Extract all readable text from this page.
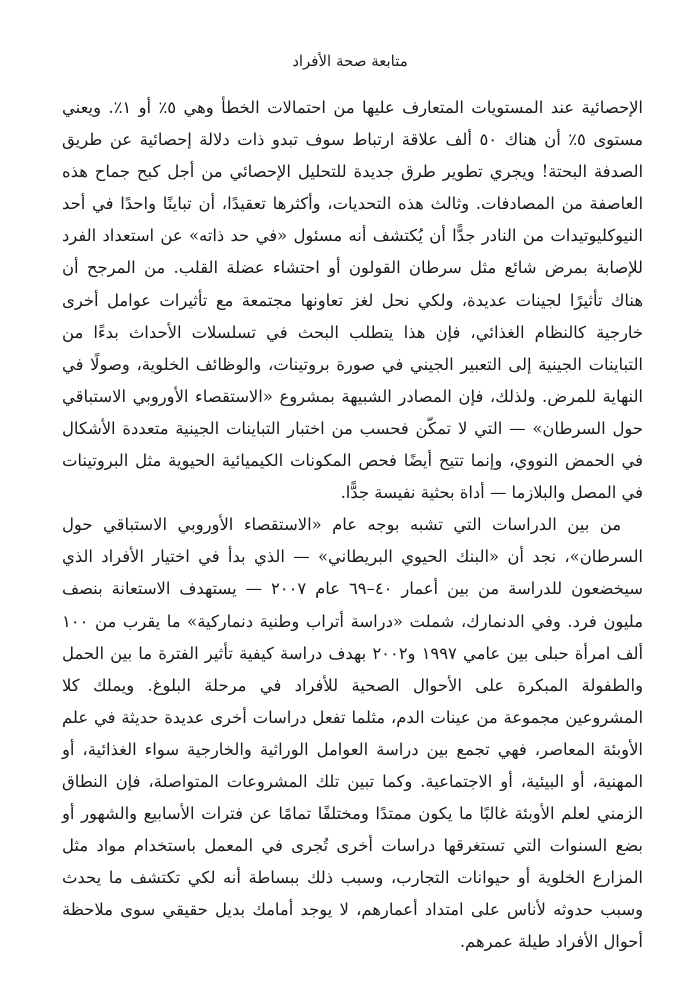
متابعة صحة الأفراد

الإحصائية عند المستويات المتعارف عليها من احتمالات الخطأ وهي ٥٪ أو ١٪. ويعني مستوى ٥٪ أن هناك ٥٠ ألف علاقة ارتباط سوف تبدو ذات دلالة إحصائية عن طريق الصدفة البحتة! ويجري تطوير طرق جديدة للتحليل الإحصائي من أجل كبح جماح هذه العاصفة من المصادفات. وثالث هذه التحديات، وأكثرها تعقيدًا، أن تباينًا واحدًا في أحد النيوكليوتيدات من النادر جدًّا أن يُكتشف أنه مسئول «في حد ذاته» عن استعداد الفرد للإصابة بمرض شائع مثل سرطان القولون أو احتشاء عضلة القلب. من المرجح أن هناك تأثيرًا لجينات عديدة، ولكي نحل لغز تعاونها مجتمعة مع تأثيرات عوامل أخرى خارجية كالنظام الغذائي، فإن هذا يتطلب البحث في تسلسلات الأحداث بدءًا من التباينات الجينية إلى التعبير الجيني في صورة بروتينات، والوظائف الخلوية، وصولًا في النهاية للمرض. ولذلك، فإن المصادر الشبيهة بمشروع «الاستقصاء الأوروبي الاستباقي حول السرطان» — التي لا تمكّن فحسب من اختبار التباينات الجينية متعددة الأشكال في الحمض النووي، وإنما تتيح أيضًا فحص المكونات الكيميائية الحيوية مثل البروتينات في المصل والبلازما — أداة بحثية نفيسة جدًّا.

من بين الدراسات التي تشبه بوجه عام «الاستقصاء الأوروبي الاستباقي حول السرطان»، نجد أن «البنك الحيوي البريطاني» — الذي بدأ في اختيار الأفراد الذي سيخضعون للدراسة من بين أعمار ٤٠–٦٩ عام ٢٠٠٧ — يستهدف الاستعانة بنصف مليون فرد. وفي الدنمارك، شملت «دراسة أتراب وطنية دنماركية» ما يقرب من ١٠٠ ألف امرأة حبلى بين عامي ١٩٩٧ و٢٠٠٢ بهدف دراسة كيفية تأثير الفترة ما بين الحمل والطفولة المبكرة على الأحوال الصحية للأفراد في مرحلة البلوغ. ويملك كلا المشروعين مجموعة من عينات الدم، مثلما تفعل دراسات أخرى عديدة حديثة في علم الأوبئة المعاصر، فهي تجمع بين دراسة العوامل الوراثية والخارجية سواء الغذائية، أو المهنية، أو البيئية، أو الاجتماعية. وكما تبين تلك المشروعات المتواصلة، فإن النطاق الزمني لعلم الأوبئة غالبًا ما يكون ممتدًا ومختلفًا تمامًا عن فترات الأسابيع والشهور أو بضع السنوات التي تستغرقها دراسات أخرى تُجرى في المعمل باستخدام مواد مثل المزارع الخلوية أو حيوانات التجارب، وسبب ذلك ببساطة أنه لكي تكتشف ما يحدث وسبب حدوثه لأناس على امتداد أعمارهم، لا يوجد أمامك بديل حقيقي سوى ملاحظة أحوال الأفراد طيلة عمرهم.
